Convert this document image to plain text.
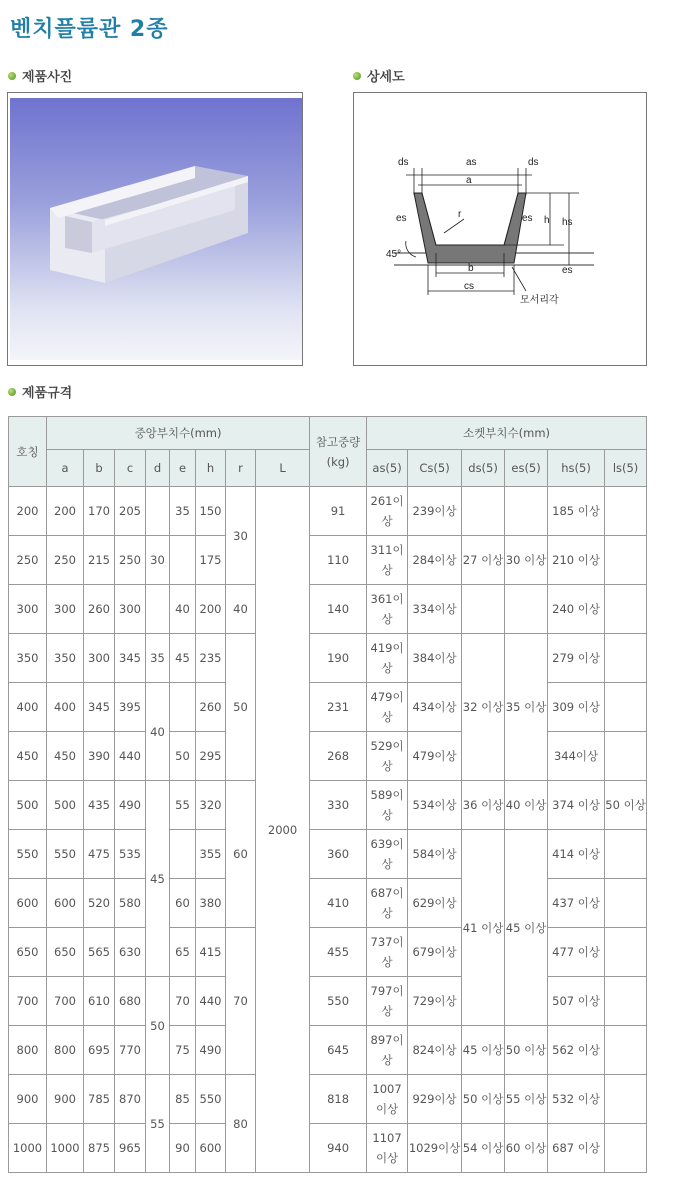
벤치플륨관 2종
제품사진	상세도
ds	as	ds
a
es	r	es h hs
45°
b	es
cs
모서리각
제품규격
호칭	중앙부치수(mm)								참고중량(kg)	소켓부치수(mm)					
	a	b	c	d	e	h	r	L		as(5)	Cs(5)	ds(5)	es(5)	hs(5)	ls(5)
200	200	170	205		35	150	30	2000	91	261이상	239이상			185 이상	
250	250	215	250	30		175			110	311이상	284이상	27 이상	30 이상	210 이상	
300	300	260	300		40	200	40		140	361이상	334이상			240 이상	
350	350	300	345	35	45	235	50		190	419이상	384이상	32 이상	35 이상	279 이상	
400	400	345	395	40		260			231	479이상	434이상			309 이상	
450	450	390	440		50	295			268	529이상	479이상			344이상	
500	500	435	490	45	55	320	60		330	589이상	534이상	36 이상	40 이상	374 이상	50 이상
550	550	475	535			355			360	639이상	584이상	41 이상	45 이상	414 이상	
600	600	520	580		60	380			410	687이상	629이상			437 이상	
650	650	565	630		65	415	70		455	737이상	679이상			477 이상	
700	700	610	680	50	70	440			550	797이상	729이상			507 이상	
800	800	695	770		75	490			645	897이상	824이상	45 이상	50 이상	562 이상	
900	900	785	870	55	85	550	80		818	1007 이상	929이상	50 이상	55 이상	532 이상	
1000	1000	875	965		90	600			940	1107 이상	1029이상	54 이상	60 이상	687 이상	
